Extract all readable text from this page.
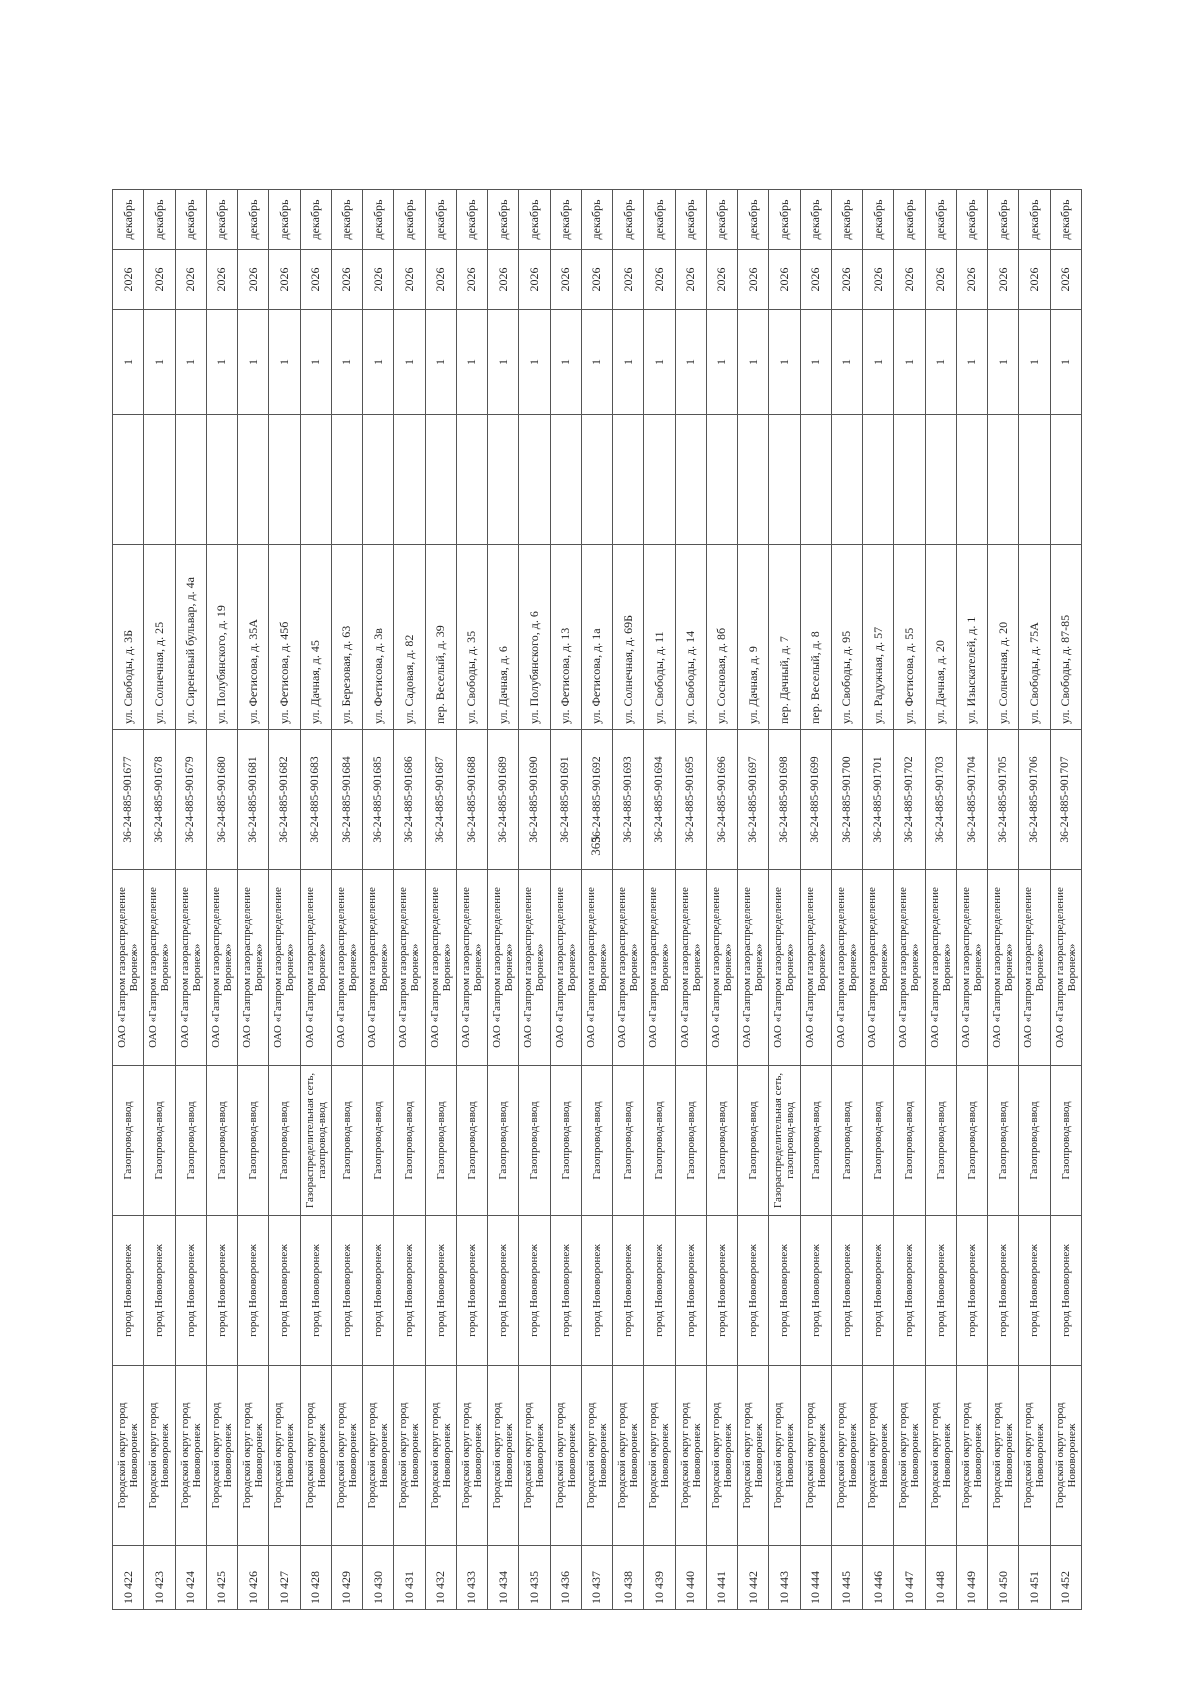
365
10 422	Городской округ город Нововоронеж	город Нововоронеж	Газопровод-ввод	ОАО «Газпром газораспределение Воронеж»	36-24-885-901677	ул. Свободы, д. 3Б		1	2026	декабрь
10 423	Городской округ город Нововоронеж	город Нововоронеж	Газопровод-ввод	ОАО «Газпром газораспределение Воронеж»	36-24-885-901678	ул. Солнечная, д. 25		1	2026	декабрь
10 424	Городской округ город Нововоронеж	город Нововоронеж	Газопровод-ввод	ОАО «Газпром газораспределение Воронеж»	36-24-885-901679	ул. Сиреневый бульвар, д. 4а		1	2026	декабрь
10 425	Городской округ город Нововоронеж	город Нововоронеж	Газопровод-ввод	ОАО «Газпром газораспределение Воронеж»	36-24-885-901680	ул. Полубянского, д. 19		1	2026	декабрь
10 426	Городской округ город Нововоронеж	город Нововоронеж	Газопровод-ввод	ОАО «Газпром газораспределение Воронеж»	36-24-885-901681	ул. Фетисова, д. 35А		1	2026	декабрь
10 427	Городской округ город Нововоронеж	город Нововоронеж	Газопровод-ввод	ОАО «Газпром газораспределение Воронеж»	36-24-885-901682	ул. Фетисова, д. 45б		1	2026	декабрь
10 428	Городской округ город Нововоронеж	город Нововоронеж	Газораспределительная сеть, газопровод-ввод	ОАО «Газпром газораспределение Воронеж»	36-24-885-901683	ул. Дачная, д. 45		1	2026	декабрь
10 429	Городской округ город Нововоронеж	город Нововоронеж	Газопровод-ввод	ОАО «Газпром газораспределение Воронеж»	36-24-885-901684	ул. Березовая, д. 63		1	2026	декабрь
10 430	Городской округ город Нововоронеж	город Нововоронеж	Газопровод-ввод	ОАО «Газпром газораспределение Воронеж»	36-24-885-901685	ул. Фетисова, д. 3в		1	2026	декабрь
10 431	Городской округ город Нововоронеж	город Нововоронеж	Газопровод-ввод	ОАО «Газпром газораспределение Воронеж»	36-24-885-901686	ул. Садовая, д. 82		1	2026	декабрь
10 432	Городской округ город Нововоронеж	город Нововоронеж	Газопровод-ввод	ОАО «Газпром газораспределение Воронеж»	36-24-885-901687	пер. Веселый, д. 39		1	2026	декабрь
10 433	Городской округ город Нововоронеж	город Нововоронеж	Газопровод-ввод	ОАО «Газпром газораспределение Воронеж»	36-24-885-901688	ул. Свободы, д. 35		1	2026	декабрь
10 434	Городской округ город Нововоронеж	город Нововоронеж	Газопровод-ввод	ОАО «Газпром газораспределение Воронеж»	36-24-885-901689	ул. Дачная, д. 6		1	2026	декабрь
10 435	Городской округ город Нововоронеж	город Нововоронеж	Газопровод-ввод	ОАО «Газпром газораспределение Воронеж»	36-24-885-901690	ул. Полубянского, д. 6		1	2026	декабрь
10 436	Городской округ город Нововоронеж	город Нововоронеж	Газопровод-ввод	ОАО «Газпром газораспределение Воронеж»	36-24-885-901691	ул. Фетисова, д. 13		1	2026	декабрь
10 437	Городской округ город Нововоронеж	город Нововоронеж	Газопровод-ввод	ОАО «Газпром газораспределение Воронеж»	36-24-885-901692	ул. Фетисова, д. 1а		1	2026	декабрь
10 438	Городской округ город Нововоронеж	город Нововоронеж	Газопровод-ввод	ОАО «Газпром газораспределение Воронеж»	36-24-885-901693	ул. Солнечная, д. 69Б		1	2026	декабрь
10 439	Городской округ город Нововоронеж	город Нововоронеж	Газопровод-ввод	ОАО «Газпром газораспределение Воронеж»	36-24-885-901694	ул. Свободы, д. 11		1	2026	декабрь
10 440	Городской округ город Нововоронеж	город Нововоронеж	Газопровод-ввод	ОАО «Газпром газораспределение Воронеж»	36-24-885-901695	ул. Свободы, д. 14		1	2026	декабрь
10 441	Городской округ город Нововоронеж	город Нововоронеж	Газопровод-ввод	ОАО «Газпром газораспределение Воронеж»	36-24-885-901696	ул. Сосновая, д. 8б		1	2026	декабрь
10 442	Городской округ город Нововоронеж	город Нововоронеж	Газопровод-ввод	ОАО «Газпром газораспределение Воронеж»	36-24-885-901697	ул. Дачная, д. 9		1	2026	декабрь
10 443	Городской округ город Нововоронеж	город Нововоронеж	Газораспределительная сеть, газопровод-ввод	ОАО «Газпром газораспределение Воронеж»	36-24-885-901698	пер. Дачный, д. 7		1	2026	декабрь
10 444	Городской округ город Нововоронеж	город Нововоронеж	Газопровод-ввод	ОАО «Газпром газораспределение Воронеж»	36-24-885-901699	пер. Веселый, д. 8		1	2026	декабрь
10 445	Городской округ город Нововоронеж	город Нововоронеж	Газопровод-ввод	ОАО «Газпром газораспределение Воронеж»	36-24-885-901700	ул. Свободы, д. 95		1	2026	декабрь
10 446	Городской округ город Нововоронеж	город Нововоронеж	Газопровод-ввод	ОАО «Газпром газораспределение Воронеж»	36-24-885-901701	ул. Радужная, д. 57		1	2026	декабрь
10 447	Городской округ город Нововоронеж	город Нововоронеж	Газопровод-ввод	ОАО «Газпром газораспределение Воронеж»	36-24-885-901702	ул. Фетисова, д. 55		1	2026	декабрь
10 448	Городской округ город Нововоронеж	город Нововоронеж	Газопровод-ввод	ОАО «Газпром газораспределение Воронеж»	36-24-885-901703	ул. Дачная, д. 20		1	2026	декабрь
10 449	Городской округ город Нововоронеж	город Нововоронеж	Газопровод-ввод	ОАО «Газпром газораспределение Воронеж»	36-24-885-901704	ул. Изыскателей, д. 1		1	2026	декабрь
10 450	Городской округ город Нововоронеж	город Нововоронеж	Газопровод-ввод	ОАО «Газпром газораспределение Воронеж»	36-24-885-901705	ул. Солнечная, д. 20		1	2026	декабрь
10 451	Городской округ город Нововоронеж	город Нововоронеж	Газопровод-ввод	ОАО «Газпром газораспределение Воронеж»	36-24-885-901706	ул. Свободы, д. 75А		1	2026	декабрь
10 452	Городской округ город Нововоронеж	город Нововоронеж	Газопровод-ввод	ОАО «Газпром газораспределение Воронеж»	36-24-885-901707	ул. Свободы, д. 87-85		1	2026	декабрь
